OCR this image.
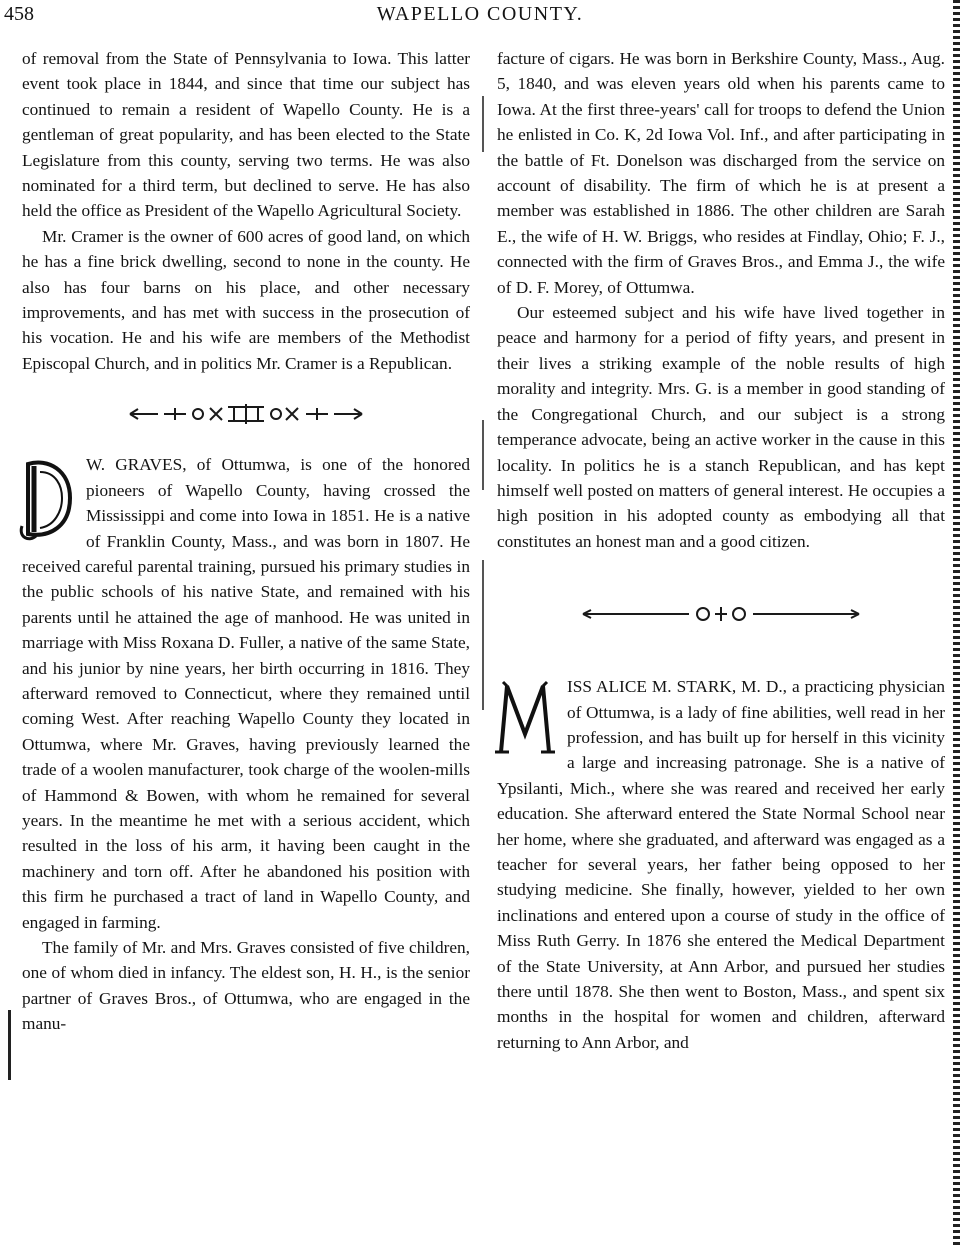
458	WAPELLO COUNTY.

of removal from the State of Pennsylvania to Iowa. This latter event took place in 1844, and since that time our subject has continued to remain a resident of Wapello County. He is a gentleman of great popularity, and has been elected to the State Legislature from this county, serving two terms. He was also nominated for a third term, but declined to serve. He has also held the office as President of the Wapello Agricultural Society.

Mr. Cramer is the owner of 600 acres of good land, on which he has a fine brick dwelling, second to none in the county. He also has four barns on his place, and other necessary improvements, and has met with success in the prosecution of his vocation. He and his wife are members of the Methodist Episcopal Church, and in politics Mr. Cramer is a Republican.

D
W. GRAVES, of Ottumwa, is one of the honored pioneers of Wapello County, having crossed the Mississippi and come into Iowa in 1851. He is a native of Franklin County, Mass., and was born in 1807. He received careful parental training, pursued his primary studies in the public schools of his native State, and remained with his parents until he attained the age of manhood. He was united in marriage with Miss Roxana D. Fuller, a native of the same State, and his junior by nine years, her birth occurring in 1816. They afterward removed to Connecticut, where they remained until coming West. After reaching Wapello County they located in Ottumwa, where Mr. Graves, having previously learned the trade of a woolen manufacturer, took charge of the woolen-mills of Hammond & Bowen, with whom he remained for several years. In the meantime he met with a serious accident, which resulted in the loss of his arm, it having been caught in the machinery and torn off. After he abandoned his position with this firm he purchased a tract of land in Wapello County, and engaged in farming.

The family of Mr. and Mrs. Graves consisted of five children, one of whom died in infancy. The eldest son, H. H., is the senior partner of Graves Bros., of Ottumwa, who are engaged in the manu-

facture of cigars. He was born in Berkshire County, Mass., Aug. 5, 1840, and was eleven years old when his parents came to Iowa. At the first three-years' call for troops to defend the Union he enlisted in Co. K, 2d Iowa Vol. Inf., and after participating in the battle of Ft. Donelson was discharged from the service on account of disability. The firm of which he is at present a member was established in 1886. The other children are Sarah E., the wife of H. W. Briggs, who resides at Findlay, Ohio; F. J., connected with the firm of Graves Bros., and Emma J., the wife of D. F. Morey, of Ottumwa.

Our esteemed subject and his wife have lived together in peace and harmony for a period of fifty years, and present in their lives a striking example of the noble results of high morality and integrity. Mrs. G. is a member in good standing of the Congregational Church, and our subject is a strong temperance advocate, being an active worker in the cause in this locality. In politics he is a stanch Republican, and has kept himself well posted on matters of general interest. He occupies a high position in his adopted county as embodying all that constitutes an honest man and a good citizen.

M
ISS ALICE M. STARK, M. D., a practicing physician of Ottumwa, is a lady of fine abilities, well read in her profession, and has built up for herself in this vicinity a large and increasing patronage. She is a native of Ypsilanti, Mich., where she was reared and received her early education. She afterward entered the State Normal School near her home, where she graduated, and afterward was engaged as a teacher for several years, her father being opposed to her studying medicine. She finally, however, yielded to her own inclinations and entered upon a course of study in the office of Miss Ruth Gerry. In 1876 she entered the Medical Department of the State University, at Ann Arbor, and pursued her studies there until 1878. She then went to Boston, Mass., and spent six months in the hospital for women and children, afterward returning to Ann Arbor, and
